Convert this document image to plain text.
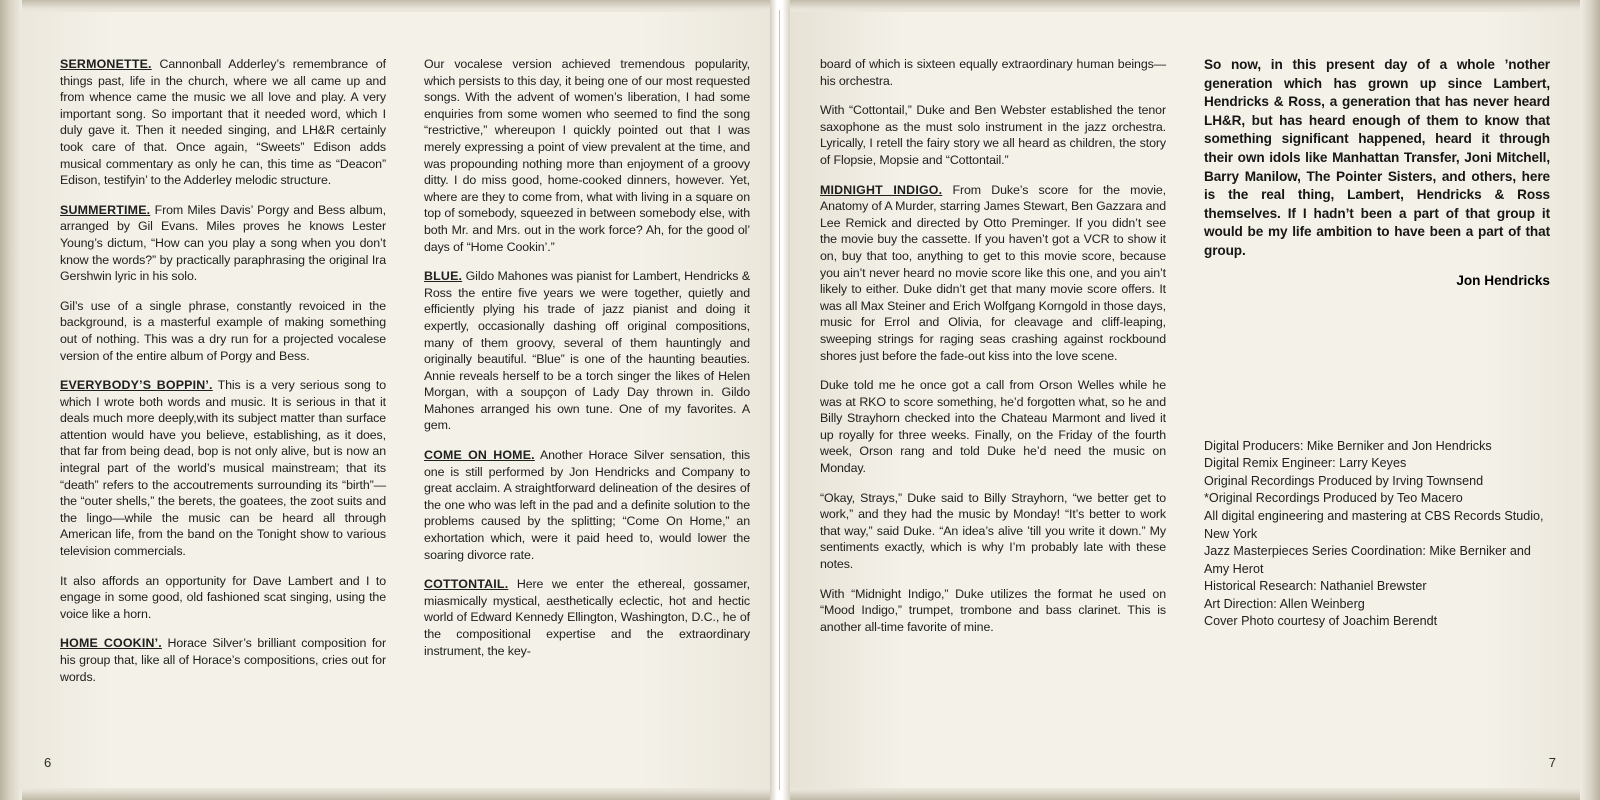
SERMONETTE. Cannonball Adderley’s remembrance of things past, life in the church, where we all came up and from whence came the music we all love and play. A very important song. So important that it needed word, which I duly gave it. Then it needed singing, and LH&R certainly took care of that. Once again, “Sweets” Edison adds musical commentary as only he can, this time as “Deacon” Edison, testifyin’ to the Adderley melodic structure.

SUMMERTIME. From Miles Davis’ Porgy and Bess album, arranged by Gil Evans. Miles proves he knows Lester Young’s dictum, “How can you play a song when you don’t know the words?” by practically paraphrasing the original Ira Gershwin lyric in his solo.

Gil’s use of a single phrase, constantly revoiced in the background, is a masterful example of making something out of nothing. This was a dry run for a projected vocalese version of the entire album of Porgy and Bess.

EVERYBODY’S BOPPIN’. This is a very serious song to which I wrote both words and music. It is serious in that it deals much more deeply,with its subject matter than surface attention would have you believe, establishing, as it does, that far from being dead, bop is not only alive, but is now an integral part of the world’s musical mainstream; that its “death” refers to the accoutrements surrounding its “birth”—the “outer shells,” the berets, the goatees, the zoot suits and the lingo—while the music can be heard all through American life, from the band on the Tonight show to various television commercials.

It also affords an opportunity for Dave Lambert and I to engage in some good, old fashioned scat singing, using the voice like a horn.

HOME COOKIN’. Horace Silver’s brilliant composition for his group that, like all of Horace’s compositions, cries out for words.

Our vocalese version achieved tremendous popularity, which persists to this day, it being one of our most requested songs. With the advent of women’s liberation, I had some enquiries from some women who seemed to find the song “restrictive,” whereupon I quickly pointed out that I was merely expressing a point of view prevalent at the time, and was propounding nothing more than enjoyment of a groovy ditty. I do miss good, home-cooked dinners, however. Yet, where are they to come from, what with living in a square on top of somebody, squeezed in between somebody else, with both Mr. and Mrs. out in the work force? Ah, for the good ol’ days of “Home Cookin’.”

BLUE. Gildo Mahones was pianist for Lambert, Hendricks & Ross the entire five years we were together, quietly and efficiently plying his trade of jazz pianist and doing it expertly, occasionally dashing off original compositions, many of them groovy, several of them hauntingly and originally beautiful. “Blue” is one of the haunting beauties. Annie reveals herself to be a torch singer the likes of Helen Morgan, with a soupçon of Lady Day thrown in. Gildo Mahones arranged his own tune. One of my favorites. A gem.

COME ON HOME. Another Horace Silver sensation, this one is still performed by Jon Hendricks and Company to great acclaim. A straightforward delineation of the desires of the one who was left in the pad and a definite solution to the problems caused by the splitting; “Come On Home,” an exhortation which, were it paid heed to, would lower the soaring divorce rate.

COTTONTAIL. Here we enter the ethereal, gossamer, miasmically mystical, aesthetically eclectic, hot and hectic world of Edward Kennedy Ellington, Washington, D.C., he of the compositional expertise and the extraordinary instrument, the key-

board of which is sixteen equally extraordinary human beings—his orchestra.

With “Cottontail,” Duke and Ben Webster established the tenor saxophone as the must solo instrument in the jazz orchestra. Lyrically, I retell the fairy story we all heard as children, the story of Flopsie, Mopsie and “Cottontail.”

MIDNIGHT INDIGO. From Duke’s score for the movie, Anatomy of A Murder, starring James Stewart, Ben Gazzara and Lee Remick and directed by Otto Preminger. If you didn’t see the movie buy the cassette. If you haven’t got a VCR to show it on, buy that too, anything to get to this movie score, because you ain’t never heard no movie score like this one, and you ain’t likely to either. Duke didn’t get that many movie score offers. It was all Max Steiner and Erich Wolfgang Korngold in those days, music for Errol and Olivia, for cleavage and cliff-leaping, sweeping strings for raging seas crashing against rockbound shores just before the fade-out kiss into the love scene.

Duke told me he once got a call from Orson Welles while he was at RKO to score something, he’d forgotten what, so he and Billy Strayhorn checked into the Chateau Marmont and lived it up royally for three weeks. Finally, on the Friday of the fourth week, Orson rang and told Duke he’d need the music on Monday.

“Okay, Strays,” Duke said to Billy Strayhorn, “we better get to work,” and they had the music by Monday! “It’s better to work that way,” said Duke. “An idea’s alive ’till you write it down.” My sentiments exactly, which is why I’m probably late with these notes.

With “Midnight Indigo,” Duke utilizes the format he used on “Mood Indigo,” trumpet, trombone and bass clarinet. This is another all-time favorite of mine.

So now, in this present day of a whole ’nother generation which has grown up since Lambert, Hendricks & Ross, a generation that has never heard LH&R, but has heard enough of them to know that something significant happened, heard it through their own idols like Manhattan Transfer, Joni Mitchell, Barry Manilow, The Pointer Sisters, and others, here is the real thing, Lambert, Hendricks & Ross themselves. If I hadn’t been a part of that group it would be my life ambition to have been a part of that group.

Jon Hendricks
Digital Producers: Mike Berniker and Jon Hendricks
Digital Remix Engineer: Larry Keyes
Original Recordings Produced by Irving Townsend
*Original Recordings Produced by Teo Macero
All digital engineering and mastering at CBS Records Studio, New York
Jazz Masterpieces Series Coordination: Mike Berniker and Amy Herot
Historical Research: Nathaniel Brewster
Art Direction: Allen Weinberg
Cover Photo courtesy of Joachim Berendt
6	7
